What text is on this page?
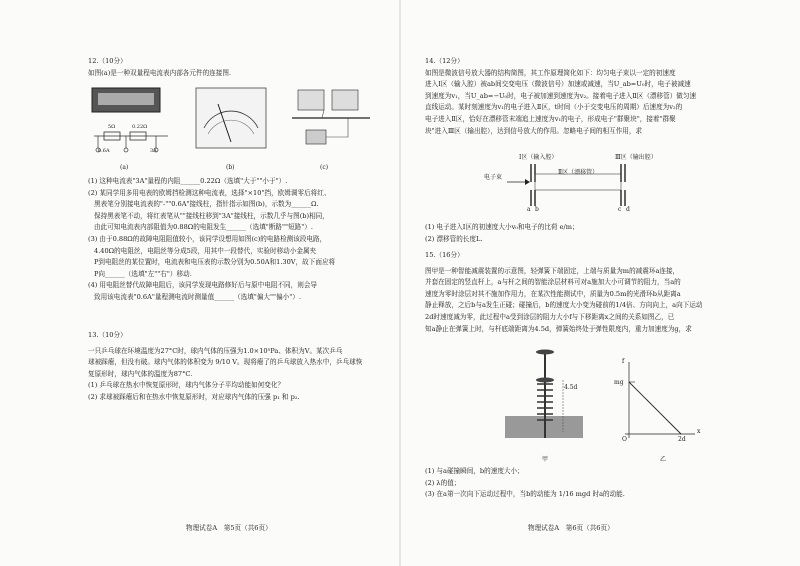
12.（10分）

如图(a)是一种双量程电流表内部各元件的连接图.

(a)	(b)	(c)
0.6A	3A
5Ω	0.22Ω

(1) 这种电流表"3A"量程的内阻______0.22Ω（选填"大于""小于"）.

(2) 某同学用多用电表的欧姆挡检测这种电流表，选择"×10"挡，欧姆调零后将红、

黑表笔分别接电流表的"-""0.6A"接线柱，指针指示如图(b)，示数为______Ω.

保持黑表笔不动，将红表笔从""接线柱移到"3A"接线柱，示数几乎与图(b)相同，

由此可知电流表内部阻值为0.88Ω的电阻发生______（选填"断路""短路"）.

(3) 由于0.88Ω的故障电阻阻值较小，该同学设想用如图(c)的电路检测该段电路，

4.40Ω的电阻丝，电阻丝等分成5段，用其中一段替代，实验时移动小金属夹

P到电阻丝的某位置时，电流表和电压表的示数分别为0.50A和1.30V，故下面应将

P向______（选填"左""右"）移动.

(4) 用电阻丝替代故障电阻后，该同学发现电路修好后与原中电阻不同，则会导

致用该电流表"0.6A"量程测电流时测量值______（选填"偏大""偏小"）.

13.（10分）

一只乒乓球在环境温度为27°C时，球内气体的压强为1.0×10⁵Pa、体积为V。某次乒乓

球被踩瘪，但没有破。球内气体的体积变为 9/10 V。现将瘪了的乒乓球放入热水中，乒乓球恢

复原形时，球内气体的温度为87°C.

(1) 乒乓球在热水中恢复原形时，球内气体分子平均动能如何变化？

(2) 求球被踩瘪后和在热水中恢复原形时，对应球内气体的压强 p₁ 和 p₂.

物理试卷A　第5页（共6页）

14.（12分）

如图是微波信号放大器的结构简图，其工作原理简化如下：均匀电子束以一定的初速度

进入Ⅰ区（输入腔）被ab间交变电压（微波信号）加速或减速，当U_ab=U₀时，电子被减速

到速度为v₁，当U_ab=−U₀时，电子被加速到速度为v₂。接着电子进入Ⅱ区（漂移管）做匀速

直线运动。某时刻速度为v₁的电子进入Ⅱ区，t时间（小于交变电压的周期）后速度为v₂的

电子进入Ⅱ区，恰好在漂移管末端追上速度为v₁的电子，形成电子"群聚块"，接着"群聚

块"进入Ⅲ区（输出腔），达到信号放大的作用。忽略电子间的相互作用，求

Ⅰ区（输入腔）	Ⅲ区（输出腔）
Ⅱ区（漂移管）
电子束
a b	c d

(1) 电子进入Ⅰ区的初速度大小v₀和电子的比荷 e/m；

(2) 漂移管的长度L.

15.（16分）

图甲是一种智能减震装置的示意图，轻弹簧下端固定，上端与质量为m的减震环a连接，

并套在固定的竖直杆上，a与杆之间的智能涂层材料可对a施加大小可调节的阻力，当a的

速度为零时涂层对其不施加作用力，在某次性能测试中，质量为0.5m的光滑环b从距离a

静止释放，之后b与a发生正碰；碰撞后，b的速度大小变为碰前的1/4倍、方向向上，a向下运动

2d时速度减为零，此过程中a受到涂层的阻力大小f与下移距离x之间的关系如图乙，已

知a静止在弹簧上时，与杆底端距离为4.5d，弹簧始终处于弹性限度内，重力加速度为g，求

4.5d
甲	乙
f
mg
x
2d
O

(1) 与a碰撞瞬间，b的速度大小；

(2) λ的值；

(3) 在a第一次向下运动过程中，当b的动能为 1/16 mgd 时a的动能.

物理试卷A　第6页（共6页）
